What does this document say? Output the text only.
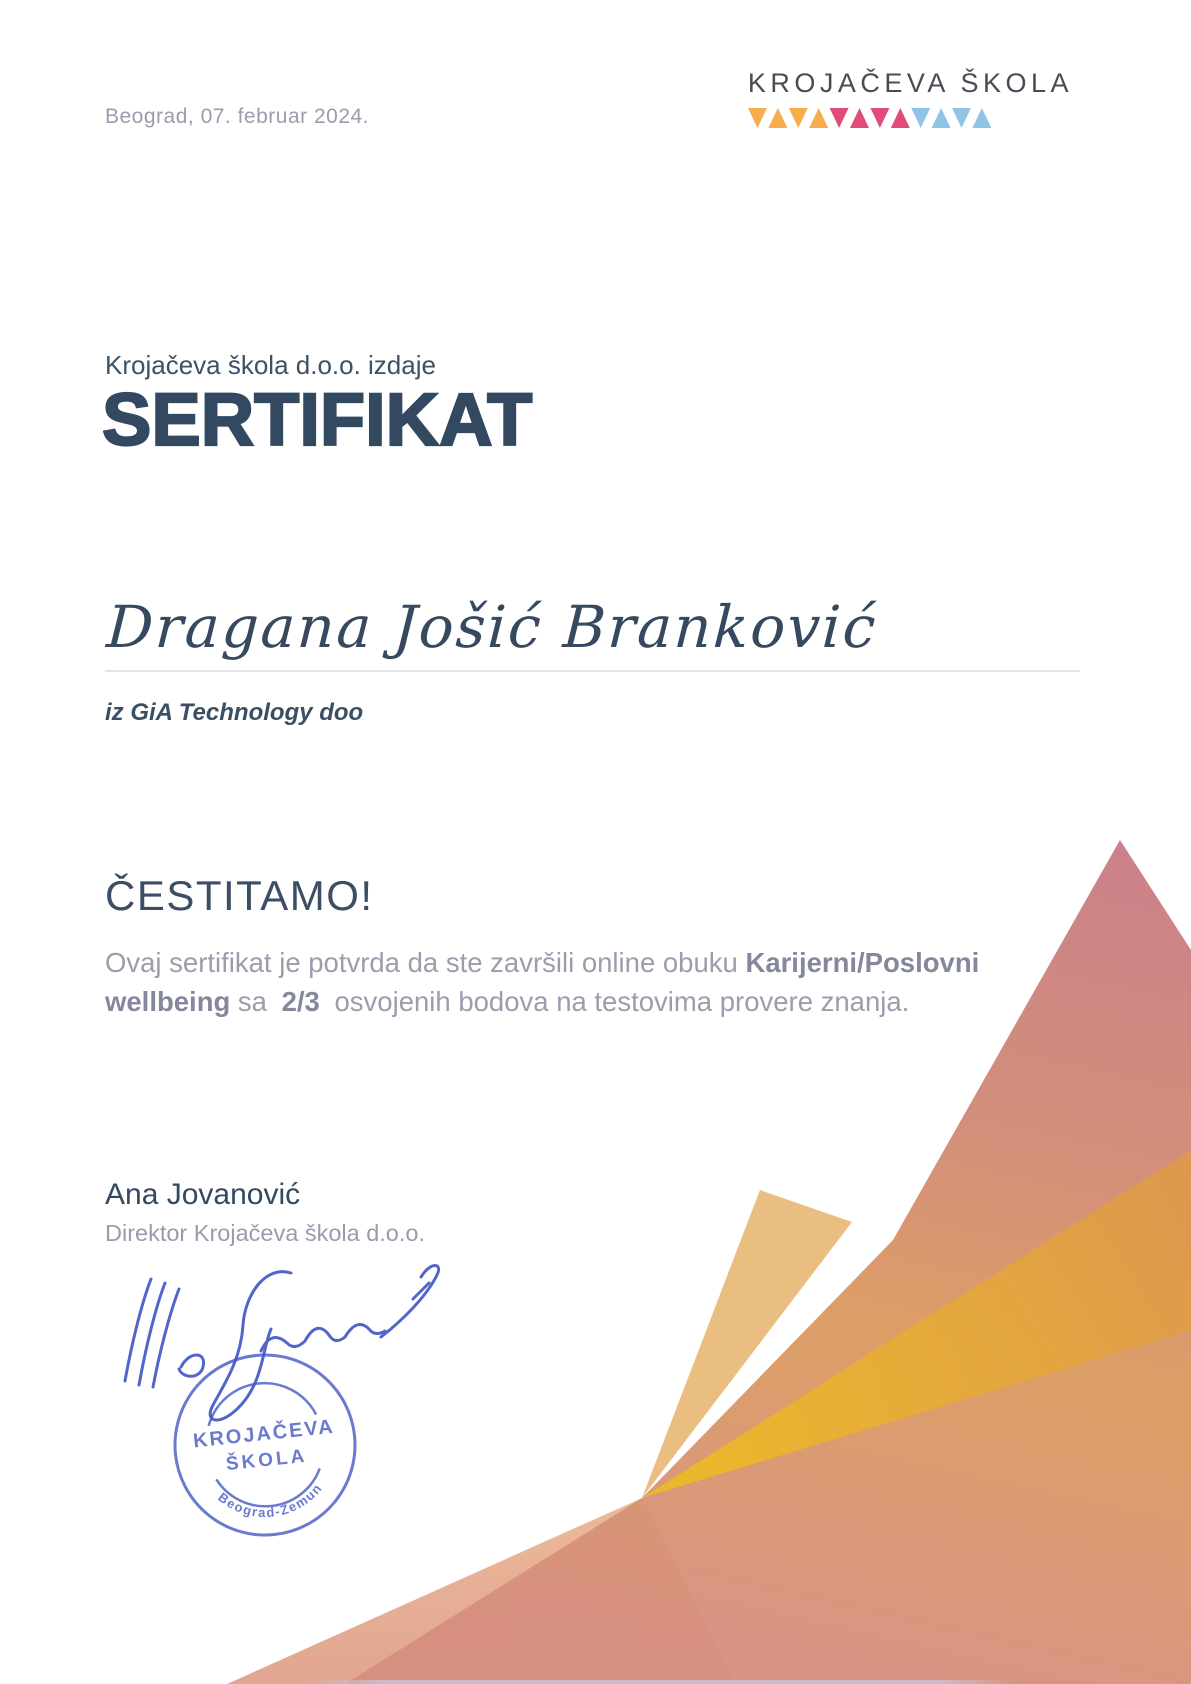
Beograd, 07. februar 2024.
KROJAČEVA ŠKOLA
Krojačeva škola d.o.o. izdaje
SERTIFIKAT
Dragana Jošić Branković
iz GiA Technology doo
ČESTITAMO!
Ovaj sertifikat je potvrda da ste završili online obuku Karijerni/Poslovni wellbeing sa 2/3 osvojenih bodova na testovima provere znanja.
Ana Jovanović
Direktor Krojačeva škola d.o.o.
KROJAČEVA
ŠKOLA
Beograd-Zemun
